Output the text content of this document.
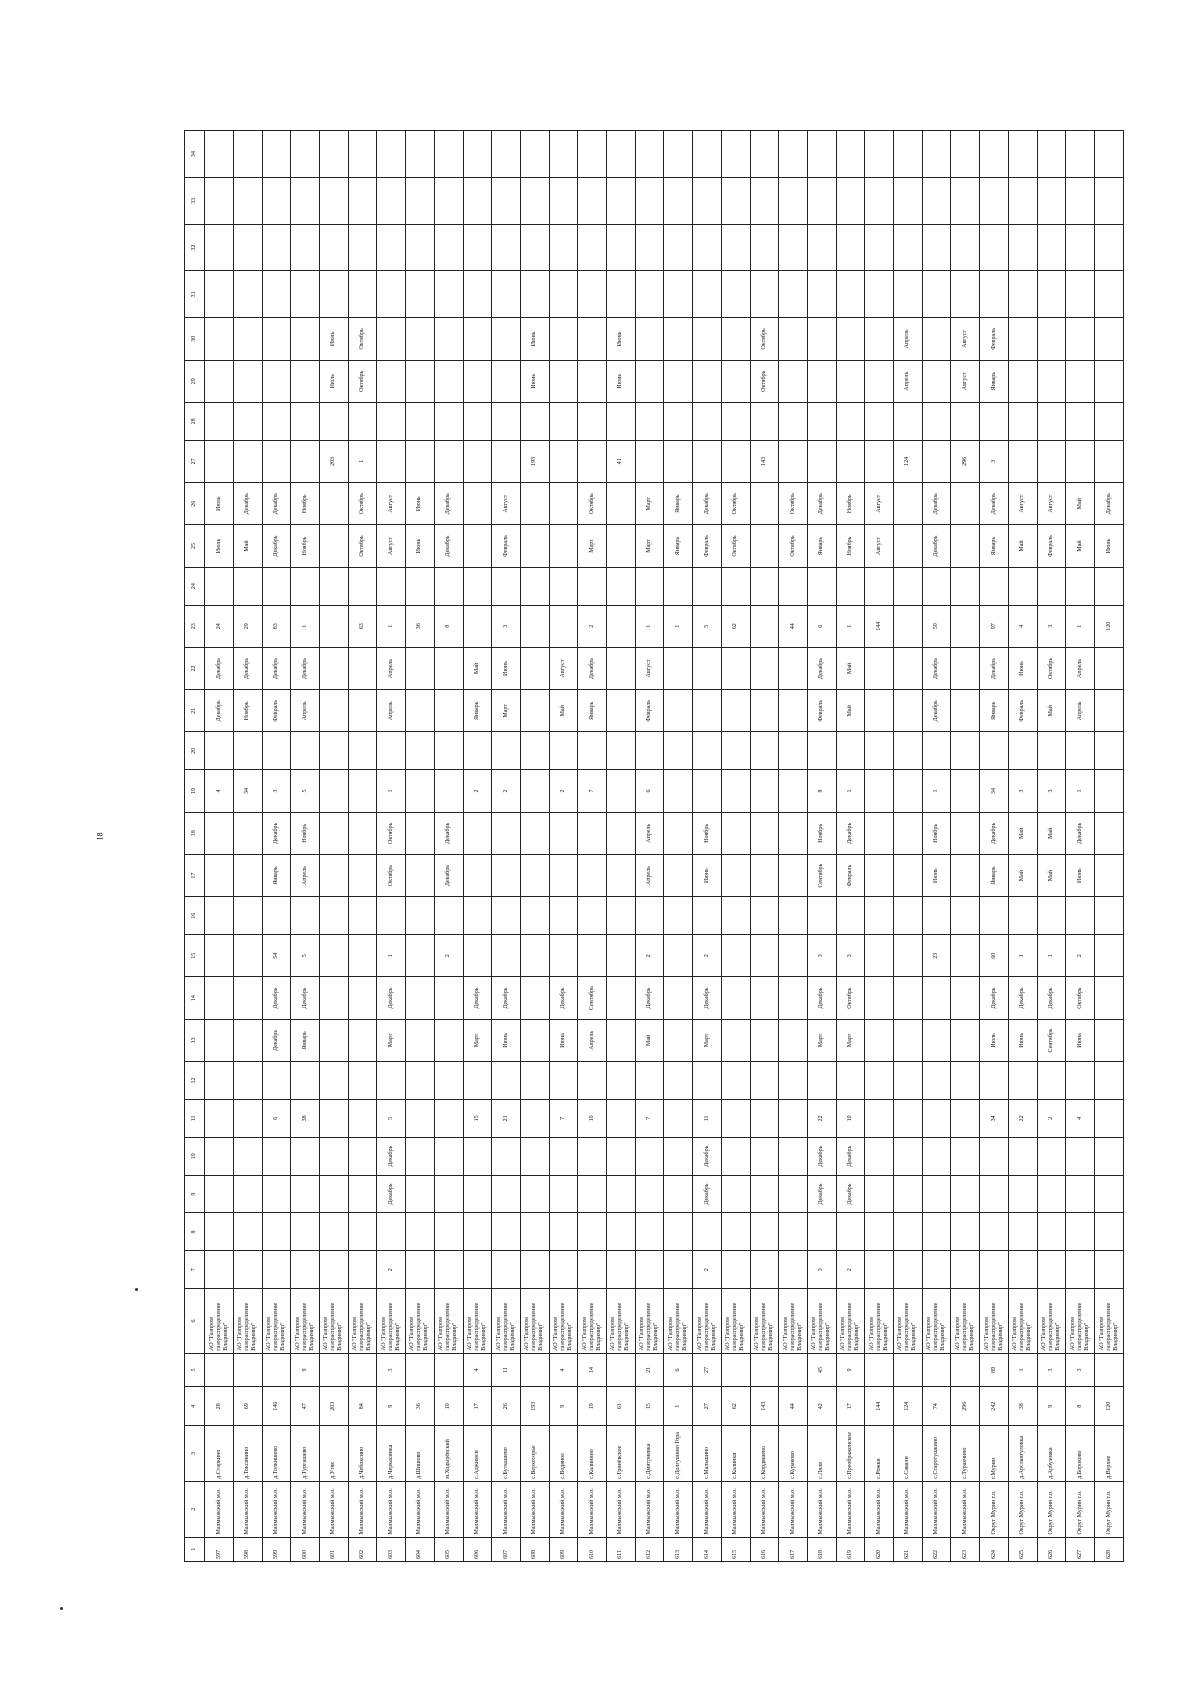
18
1	2	3	4	5	6	7	8	9	10	11	12	13	14	15	16	17	18	19	20	21	22	23	24	25	26	27	28	29	30	31	32	33	34
597	Малмыжский м.о.	д.Старкино	28		АО "Газпром газораспределение Владимир"													4		Декабрь	Декабрь	24		Июль	Июль								
598	Малмыжский м.о.	д.Токсинино	69		АО "Газпром газораспределение Владимир"													34		Ноябрь	Декабрь	29		Май	Декабрь								
599	Малмыжский м.о.	д.Толкишево	146		АО "Газпром газораспределение Владимир"					6		Декабрь	Декабрь	54		Январь	Декабрь	3		Февраль	Декабрь	83		Декабрь	Декабрь								
600	Малмыжский м.о.	д.Тургашево	47	9	АО "Газпром газораспределение Владимир"					38		Январь	Декабрь	5		Апрель	Ноябрь	5		Апрель	Декабрь	1		Ноябрь	Ноябрь								
601	Малмыжский м.о.	д.Утяк	203		АО "Газпром газораспределение Владимир"																					203		Июль	Июль				
602	Малмыжский м.о.	д.Чебоксино	84		АО "Газпром газораспределение Владимир"																	63		Октябрь	Октябрь	1		Октябрь	Октябрь				
603	Малмыжский м.о.	д.Черкасинка	9	3	АО "Газпром газораспределение Владимир"	2		Декабрь	Декабрь	5		Март	Декабрь	1		Октябрь	Октябрь	1		Апрель	Апрель	1		Август	Август								
604	Малмыжский м.о.	д.Шишово	36		АО "Газпром газораспределение Владимир"																	36		Июнь	Июнь								
605	Малмыжский м.о.	м.Ходырёвский	10		АО "Газпром газораспределение Владимир"									2		Декабрь	Декабрь					8		Декабрь	Декабрь								
606	Малмыжский м.о.	с.Аджимси	17	4	АО "Газпром газораспределение Владимир"					15		Март	Декабрь					2		Январь	Май												
607	Малмыжский м.о.	с.Буткашево	26	11	АО "Газпром газораспределение Владимир"					21		Июнь	Декабрь					2		Март	Июнь	3		Февраль	Август								
608	Малмыжский м.о.	с.Верхоторье	193		АО "Газпром газораспределение Владимир"																					193		Июнь	Июнь				
609	Малмыжский м.о.	с.Водяное	9	4	АО "Газпром газораспределение Владимир"					7		Июнь	Декабрь					2		Май	Август												
610	Малмыжский м.о.	с.Калинино	19	14	АО "Газпром газораспределение Владимир"					10		Апрель	Сентябрь					7		Январь	Декабрь	2		Март	Октябрь								
611	Малмыжский м.о.	с.Гринёвское	61		АО "Газпром газораспределение Владимир"																					41		Июнь	Июнь				
612	Малмыжский м.о.	с.Дмитриевка	15	21	АО "Газпром газораспределение Владимир"					7		Май	Декабрь	2		Апрель	Апрель	6		Февраль	Август	1		Март	Март								
613	Малмыжский м.о.	с.Долгушино Гора	1	6	АО "Газпром газораспределение Владимир"																	1		Январь	Январь								
614	Малмыжский м.о.	с.Мальшино	27	27	АО "Газпром газораспределение Владимир"	2		Декабрь	Декабрь	11		Март	Декабрь	2		Июнь	Ноябрь					5		Февраль	Декабрь								
615	Малмыжский м.о.	с.Калинки	62		АО "Газпром газораспределение Владимир"																	62		Октябрь	Октябрь								
616	Малмыжский м.о.	с.Кордяшево	143		АО "Газпром газораспределение Владимир"																					143		Октябрь	Октябрь				
617	Малмыжский м.о.	с.Кураково	44		АО "Газпром газораспределение Владимир"																	44		Октябрь	Октябрь								
618	Малмыжский м.о.	с.Ляля	42	45	АО "Газпром газораспределение Владимир"	3		Декабрь	Декабрь	22		Март	Декабрь	3		Сентябрь	Ноябрь	8		Февраль	Декабрь	6		Январь	Декабрь								
619	Малмыжский м.о.	с.Преображенское	17	9	АО "Газпром газораспределение Владимир"	2		Декабрь	Декабрь	10		Март	Октябрь	3		Февраль	Декабрь	1		Май	Май	1		Ноябрь	Ноябрь								
620	Малмыжский м.о.	с.Рожки	144		АО "Газпром газораспределение Владимир"																	144		Август	Август								
621	Малмыжский м.о.	с.Савали	124		АО "Газпром газораспределение Владимир"																					124		Апрель	Апрель				
622	Малмыжский м.о.	с.Старотушкино	74		АО "Газпром газораспределение Владимир"									23		Июнь	Ноябрь	1		Декабрь	Декабрь	50		Декабрь	Декабрь								
623	Малмыжский м.о.	с.Туракчино	296		АО "Газпром газораспределение Владимир"																					296		Август	Август				
624	Округ Мурин г.о.	г.Мурин	242	89	АО "Газпром газораспределение Владимир"					34		Июль	Декабрь	60		Январь	Декабрь	34		Январь	Декабрь	97		Январь	Декабрь	3		Январь	Февраль				
625	Округ Мурин г.о.	д.Арслангуловка	38	1	АО "Газпром газораспределение Владимир"					22		Июнь	Декабрь	1		Май	Май	3		Февраль	Июнь	4		Май	Август								
626	Округ Мурин г.о.	д.Арбузовка	9	3	АО "Газпром газораспределение Владимир"					2		Сентябрь	Декабрь	1		Май	Май	3		Май	Октябрь	3		Февраль	Август								
627	Округ Мурин г.о.	д.Бороково	8	3	АО "Газпром газораспределение Владимир"					4		Июнь	Октябрь	2		Июнь	Декабрь	1		Апрель	Апрель	1		Май	Май								
628	Округ Мурин г.о.	д.Верхне	120		АО "Газпром газораспределение Владимир"																	120		Июнь	Декабрь								
